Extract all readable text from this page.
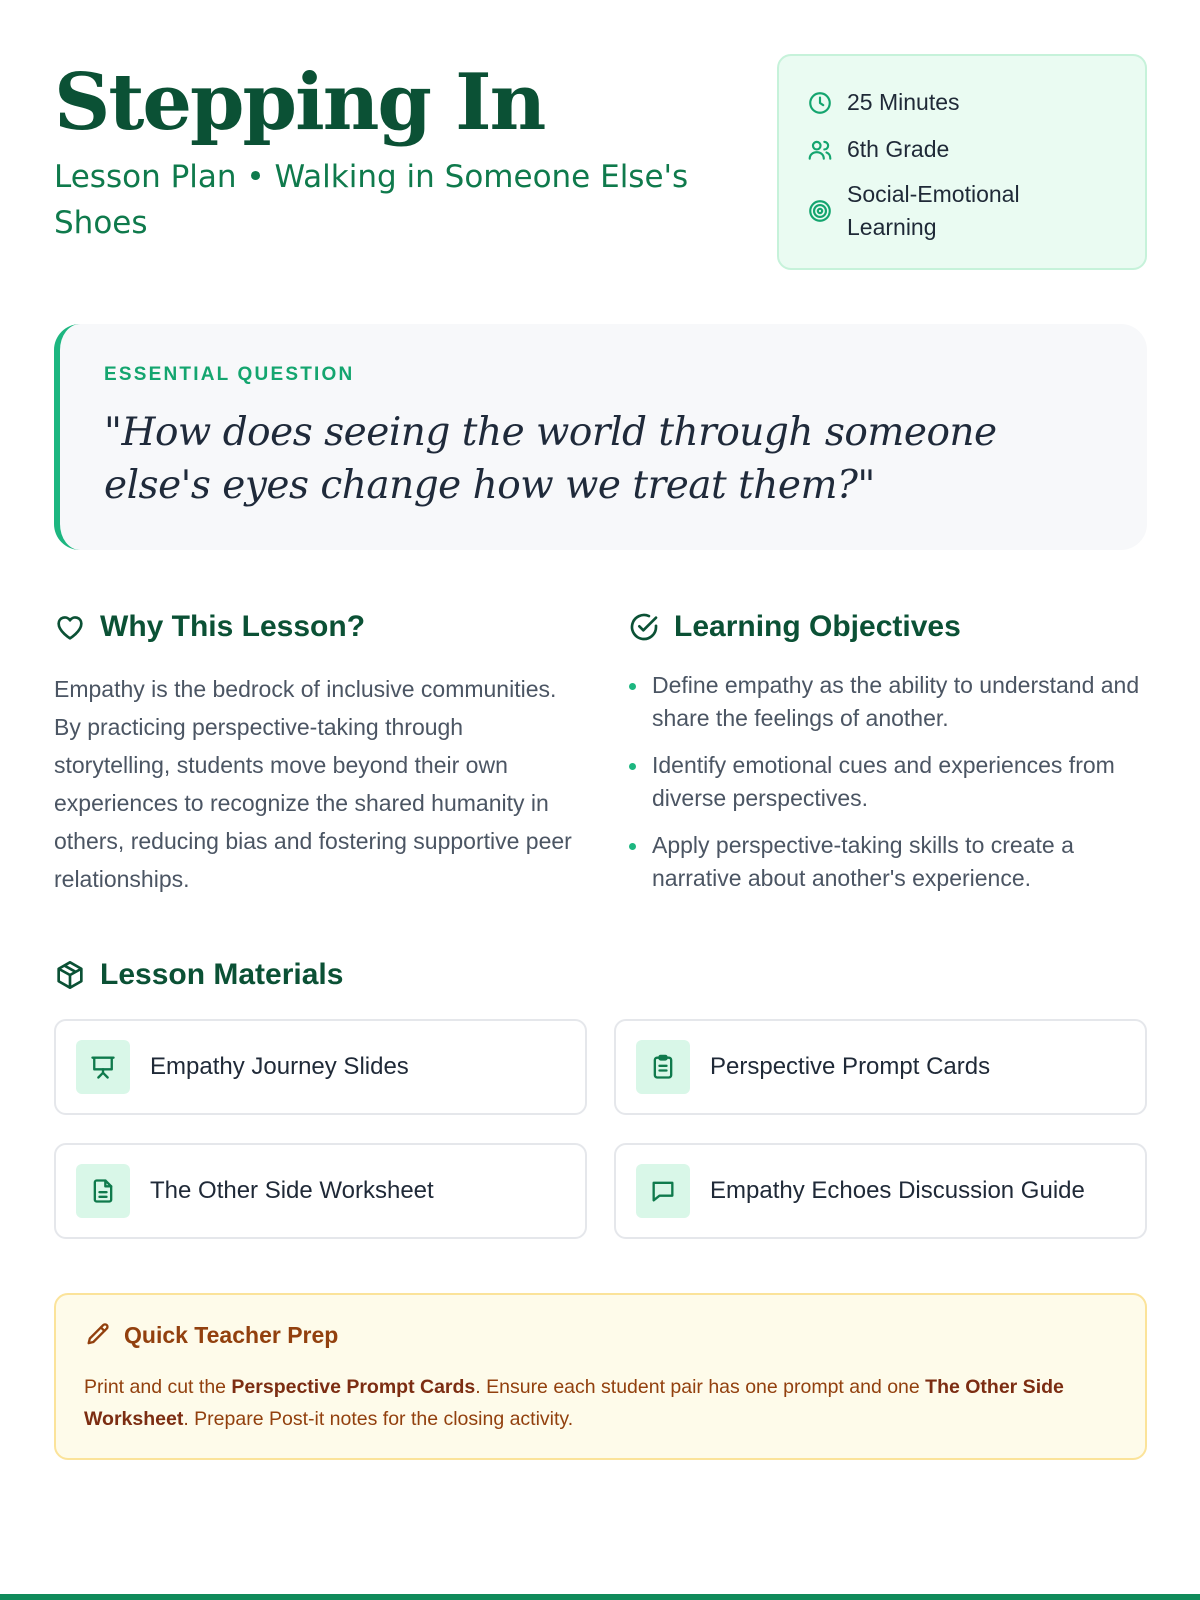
Stepping In
Lesson Plan • Walking in Someone Else's Shoes
25 Minutes
6th Grade
Social-Emotional Learning
ESSENTIAL QUESTION
"How does seeing the world through someone else's eyes change how we treat them?"
Why This Lesson?

Empathy is the bedrock of inclusive communities. By practicing perspective-taking through storytelling, students move beyond their own experiences to recognize the shared humanity in others, reducing bias and fostering supportive peer relationships.

Learning Objectives
Define empathy as the ability to understand and share the feelings of another.
Identify emotional cues and experiences from diverse perspectives.
Apply perspective-taking skills to create a narrative about another's experience.
Lesson Materials
Empathy Journey Slides	Perspective Prompt Cards
The Other Side Worksheet	Empathy Echoes Discussion Guide
Quick Teacher Prep

Print and cut the Perspective Prompt Cards. Ensure each student pair has one prompt and one The Other Side Worksheet. Prepare Post-it notes for the closing activity.
